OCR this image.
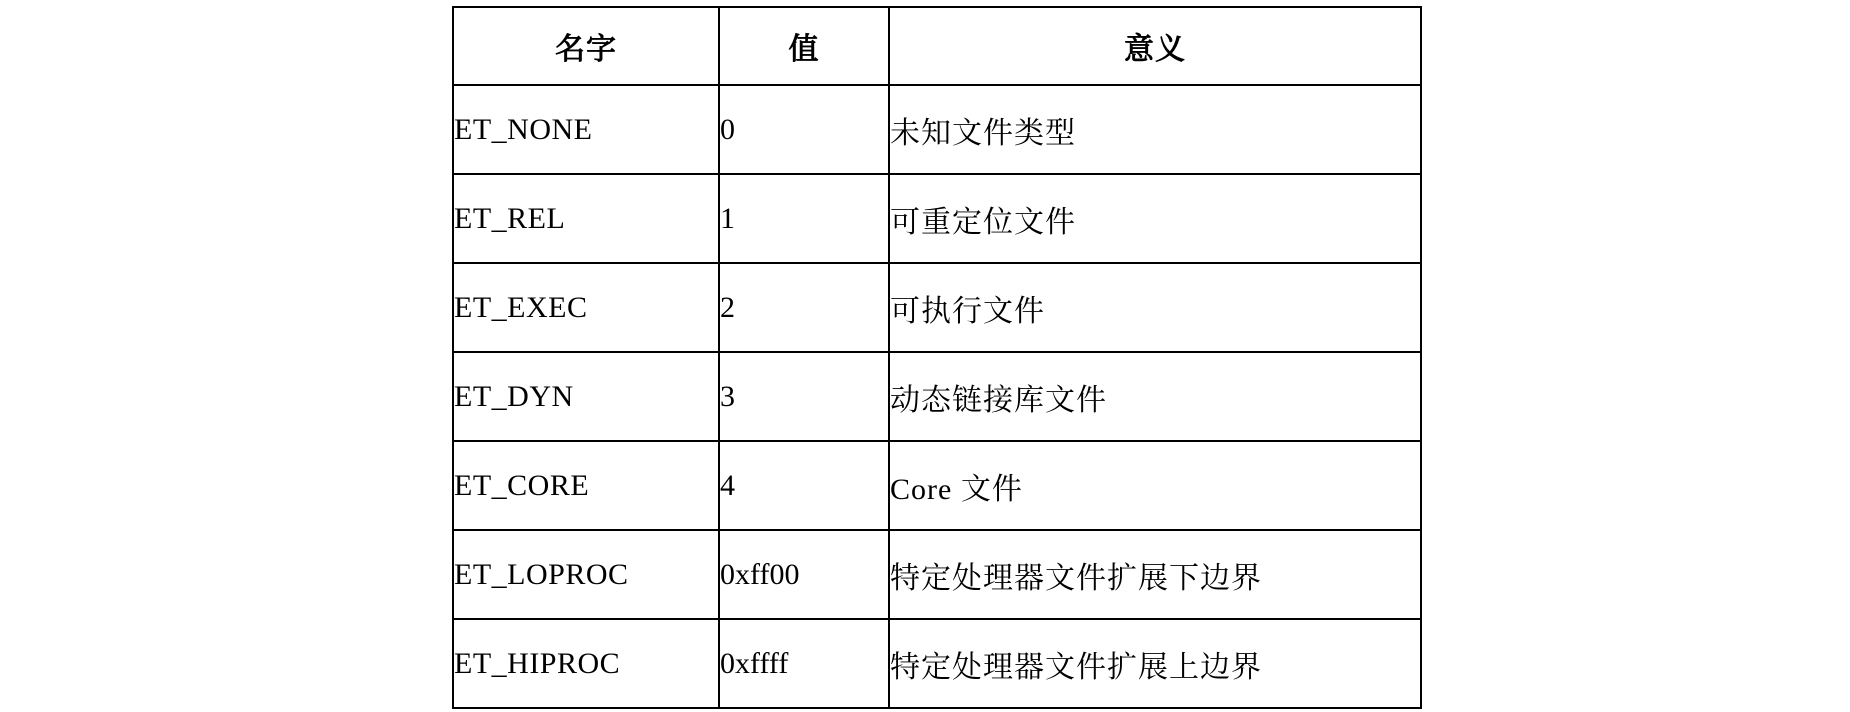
名字	值	意义
ET_NONE	0	未知文件类型
ET_REL	1	可重定位文件
ET_EXEC	2	可执行文件
ET_DYN	3	动态链接库文件
ET_CORE	4	Core 文件
ET_LOPROC	0xff00	特定处理器文件扩展下边界
ET_HIPROC	0xffff	特定处理器文件扩展上边界
